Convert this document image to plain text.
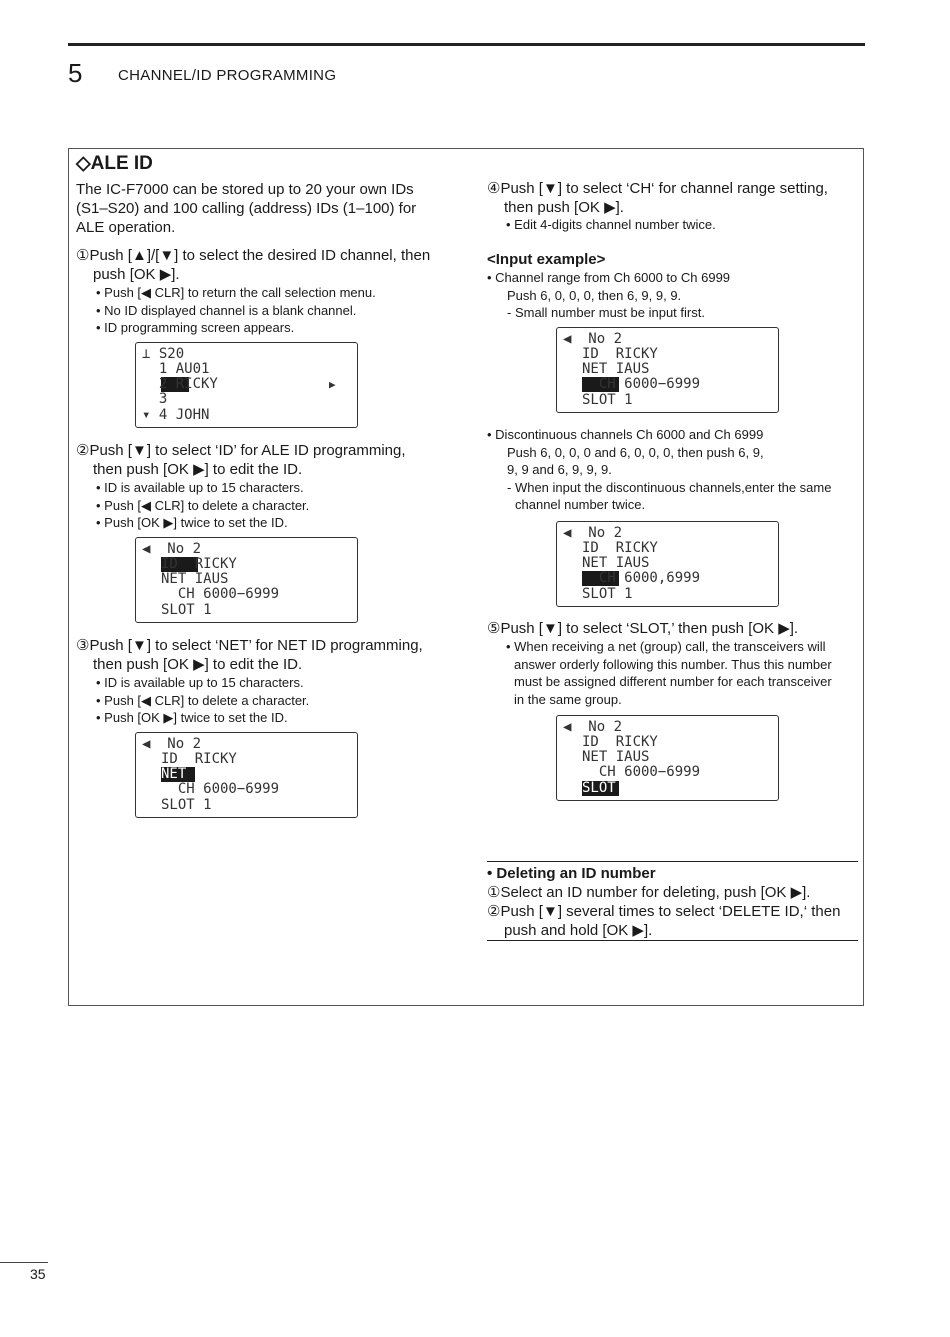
5 CHANNEL/ID PROGRAMMING
◇ALE ID
The IC-F7000 can be stored up to 20 your own IDs
(S1–S20) and 100 calling (address) IDs (1–100) for
ALE operation.
①Push [▲]/[▼] to select the desired ID channel, then
push [OK ▶].
• Push [◀ CLR] to return the call selection menu.
• No ID displayed channel is a blank channel.
• ID programming screen appears.
⊥ S20
1 AU01
2 RICKY	▶
3
▾ 4 JOHN
②Push [▼] to select ‘ID’ for ALE ID programming,
then push [OK ▶] to edit the ID.
• ID is available up to 15 characters.
• Push [◀ CLR] to delete a character.
• Push [OK ▶] twice to set the ID.
◀  No 2
ID  RICKY
NET IAUS
CH 6000−6999
SLOT 1
③Push [▼] to select ‘NET’ for NET ID programming,
then push [OK ▶] to edit the ID.
• ID is available up to 15 characters.
• Push [◀ CLR] to delete a character.
• Push [OK ▶] twice to set the ID.
◀  No 2
ID  RICKY
NET IAUS
CH 6000−6999
SLOT 1
④Push [▼] to select ‘CH‘ for channel range setting,
then push [OK ▶].
• Edit 4-digits channel number twice.
<Input example>
• Channel range from Ch 6000 to Ch 6999
Push 6, 0, 0, 0, then 6, 9, 9, 9.
- Small number must be input first.
◀  No 2
ID  RICKY
NET IAUS
CH 6000−6999
SLOT 1
• Discontinuous channels Ch 6000 and Ch 6999
Push 6, 0, 0, 0 and 6, 0, 0, 0, then push 6, 9,
9, 9 and 6, 9, 9, 9.
- When input the discontinuous channels,enter the same
channel number twice.
◀  No 2
ID  RICKY
NET IAUS
CH 6000,6999
SLOT 1
⑤Push [▼] to select ‘SLOT,’ then push [OK ▶].
• When receiving a net (group) call, the transceivers will
answer orderly following this number. Thus this number
must be assigned different number for each transceiver
in the same group.
◀  No 2
ID  RICKY
NET IAUS
CH 6000−6999
SLOT 1
• Deleting an ID number
①Select an ID number for deleting, push [OK ▶].
②Push [▼] several times to select ‘DELETE ID,‘ then
push and hold [OK ▶].
35
